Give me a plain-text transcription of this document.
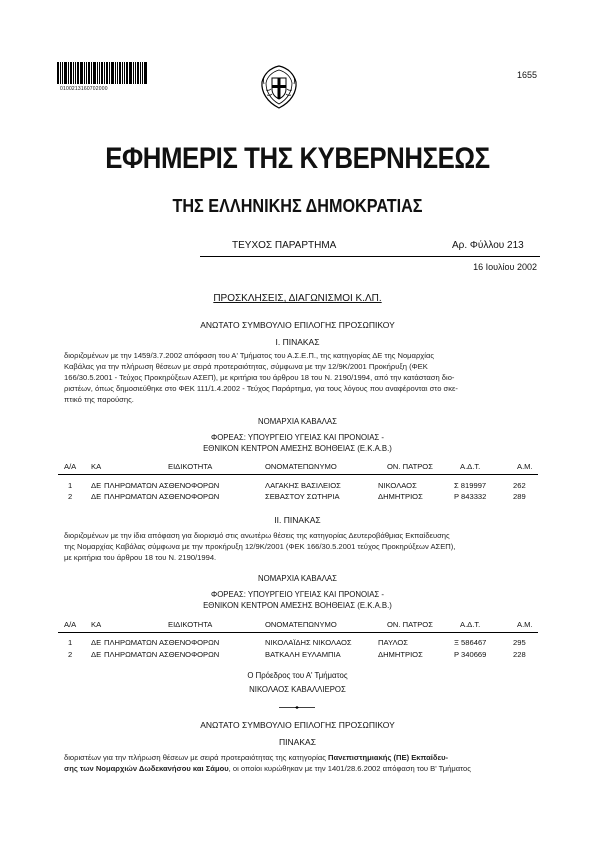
0100213160702000
1655
ΕΦΗΜΕΡΙΣ ΤΗΣ ΚΥΒΕΡΝΗΣΕΩΣ
ΤΗΣ ΕΛΛΗΝΙΚΗΣ ΔΗΜΟΚΡΑΤΙΑΣ
ΤΕΥΧΟΣ ΠΑΡΑΡΤΗΜΑ	Αρ. Φύλλου 213
16 Ιουλίου 2002
ΠΡΟΣΚΛΗΣΕΙΣ, ΔΙΑΓΩΝΙΣΜΟΙ Κ.ΛΠ.
ΑΝΩΤΑΤΟ ΣΥΜΒΟΥΛΙΟ ΕΠΙΛΟΓΗΣ ΠΡΟΣΩΠΙΚΟΥ
Ι. ΠΙΝΑΚΑΣ
διοριζομένων με την 1459/3.7.2002 απόφαση του Α' Τμήματος του Α.Σ.Ε.Π., της κατηγορίας ΔΕ της Νομαρχίας
Καβάλας για την πλήρωση θέσεων με σειρά προτεραιότητας, σύμφωνα με την 12/9Κ/2001 Προκήρυξη (ΦΕΚ
166/30.5.2001 - Τεύχος Προκηρύξεων ΑΣΕΠ), με κριτήρια του άρθρου 18 του Ν. 2190/1994, από την κατάσταση διο-
ριστέων, όπως δημοσιεύθηκε στο ΦΕΚ 111/1.4.2002 - Τεύχος Παράρτημα, για τους λόγους που αναφέρονται στο σκε-
πτικό της παρούσης.
ΝΟΜΑΡΧΙΑ ΚΑΒΑΛΑΣ
ΦΟΡΕΑΣ: ΥΠΟΥΡΓΕΙΟ ΥΓΕΙΑΣ ΚΑΙ ΠΡΟΝΟΙΑΣ -
ΕΘΝΙΚΟΝ ΚΕΝΤΡΟΝ ΑΜΕΣΗΣ ΒΟΗΘΕΙΑΣ (Ε.Κ.Α.Β.)
Α/Α ΚΑ	ΕΙΔΙΚΟΤΗΤΑ	ΟΝΟΜΑΤΕΠΩΝΥΜΟ	ΟΝ. ΠΑΤΡΟΣ	Α.Δ.Τ.	Α.Μ.
1 ΔΕ ΠΛΗΡΩΜΑΤΩΝ ΑΣΘΕΝΟΦΟΡΩΝ	ΛΑΓΑΚΗΣ ΒΑΣΙΛΕΙΟΣ	ΝΙΚΟΛΑΟΣ	Σ 819997	262
2 ΔΕ ΠΛΗΡΩΜΑΤΩΝ ΑΣΘΕΝΟΦΟΡΩΝ	ΣΕΒΑΣΤΟΥ ΣΩΤΗΡΙΑ	ΔΗΜΗΤΡΙΟΣ	Ρ 843332	289
ΙΙ. ΠΙΝΑΚΑΣ
διοριζομένων με την ίδια απόφαση για διορισμό στις ανωτέρω θέσεις της κατηγορίας Δευτεροβάθμιας Εκπαίδευσης
της Νομαρχίας Καβάλας σύμφωνα με την προκήρυξη 12/9Κ/2001 (ΦΕΚ 166/30.5.2001 τεύχος Προκηρύξεων ΑΣΕΠ),
με κριτήρια του άρθρου 18 του Ν. 2190/1994.
ΝΟΜΑΡΧΙΑ ΚΑΒΑΛΑΣ
ΦΟΡΕΑΣ: ΥΠΟΥΡΓΕΙΟ ΥΓΕΙΑΣ ΚΑΙ ΠΡΟΝΟΙΑΣ -
ΕΘΝΙΚΟΝ ΚΕΝΤΡΟΝ ΑΜΕΣΗΣ ΒΟΗΘΕΙΑΣ (Ε.Κ.Α.Β.)
Α/Α ΚΑ	ΕΙΔΙΚΟΤΗΤΑ	ΟΝΟΜΑΤΕΠΩΝΥΜΟ	ΟΝ. ΠΑΤΡΟΣ	Α.Δ.Τ.	Α.Μ.
1 ΔΕ ΠΛΗΡΩΜΑΤΩΝ ΑΣΘΕΝΟΦΟΡΩΝ	ΝΙΚΟΛΑΪΔΗΣ ΝΙΚΟΛΑΟΣ	ΠΑΥΛΟΣ	Ξ 586467	295
2 ΔΕ ΠΛΗΡΩΜΑΤΩΝ ΑΣΘΕΝΟΦΟΡΩΝ	ΒΑΤΚΑΛΗ ΕΥΛΑΜΠΙΑ	ΔΗΜΗΤΡΙΟΣ	Ρ 340669	228
Ο Πρόεδρος του Α' Τμήματος
ΝΙΚΟΛΑΟΣ ΚΑΒΑΛΛΙΕΡΟΣ
ΑΝΩΤΑΤΟ ΣΥΜΒΟΥΛΙΟ ΕΠΙΛΟΓΗΣ ΠΡΟΣΩΠΙΚΟΥ
ΠΙΝΑΚΑΣ
διοριστέων για την πλήρωση θέσεων με σειρά προτεραιότητας της κατηγορίας Πανεπιστημιακής (ΠΕ) Εκπαίδευ-
σης των Νομαρχιών Δωδεκανήσου και Σάμου, οι οποίοι κυρώθηκαν με την 1401/28.6.2002 απόφαση του Β' Τμήματος
